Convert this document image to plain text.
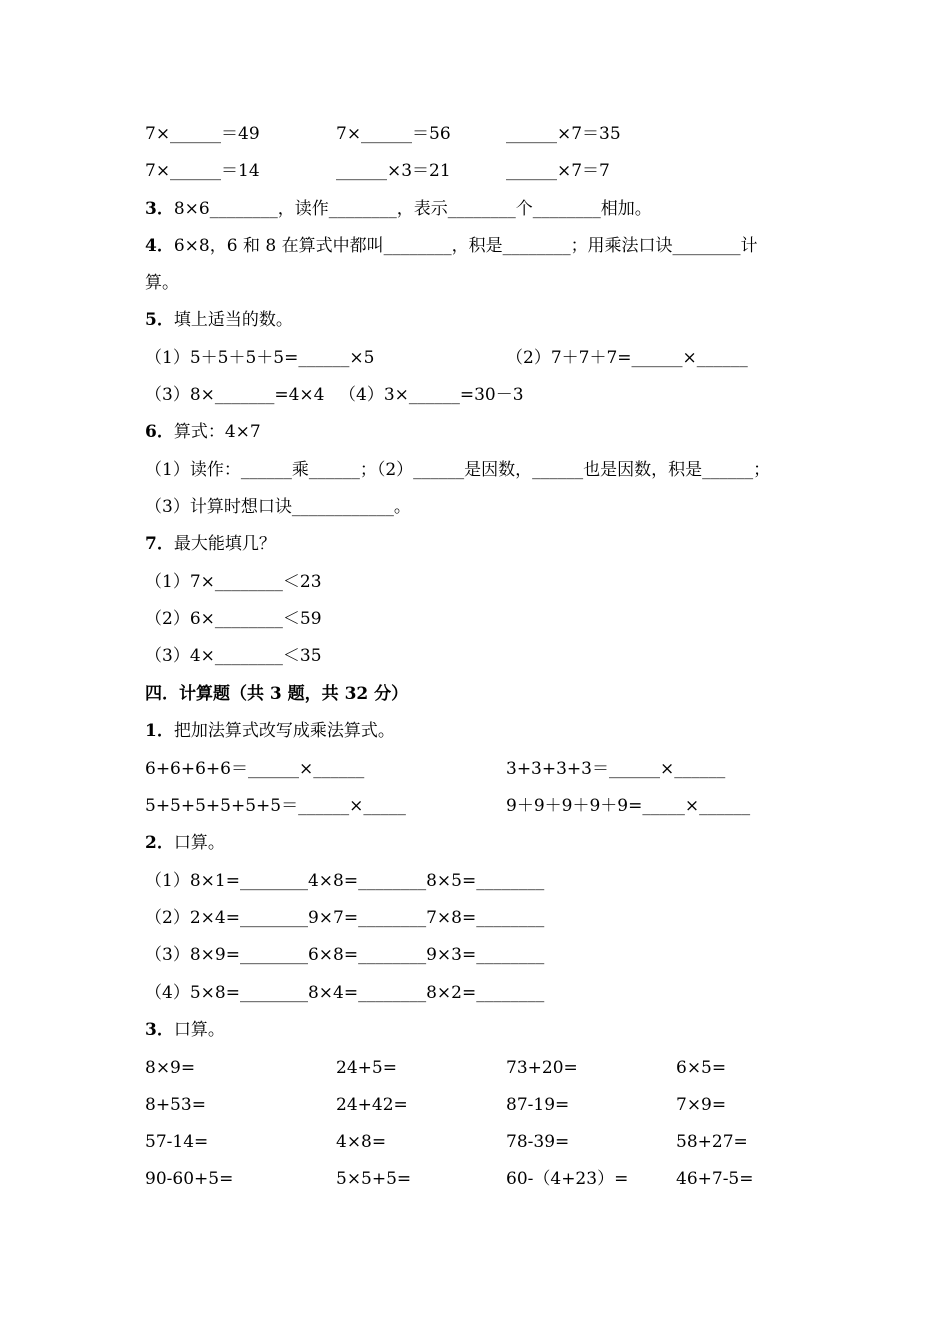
7×______＝49	7×______＝56	______×7＝35
7×______＝14	______×3＝21	______×7＝7
3．8×6________，读作________，表示________个________相加。
4．6×8，6 和 8 在算式中都叫________，积是________；用乘法口诀________计
算。
5．填上适当的数。
（1）5＋5＋5＋5=______×5	（2）7＋7＋7=______×______
（3）8×_______=4×4 （4）3×______=30－3
6．算式：4×7
（1）读作：______乘______；（2）______是因数，______也是因数，积是______；
（3）计算时想口诀____________。
7．最大能填几？
（1）7×________＜23
（2）6×________＜59
（3）4×________＜35
四．计算题（共 3 题，共 32 分）
1．把加法算式改写成乘法算式。
6+6+6+6＝______×______	3+3+3+3＝______×______
5+5+5+5+5+5＝______×_____	9＋9＋9＋9＋9=_____×______
2．口算。
（1）8×1=________4×8=________8×5=________
（2）2×4=________9×7=________7×8=________
（3）8×9=________6×8=________9×3=________
（4）5×8=________8×4=________8×2=________
3．口算。
8×9=	24+5=	73+20=	6×5=
8+53=	24+42=	87-19=	7×9=
57-14=	4×8=	78-39=	58+27=
90-60+5=	5×5+5=	60-（4+23）=	46+7-5=
